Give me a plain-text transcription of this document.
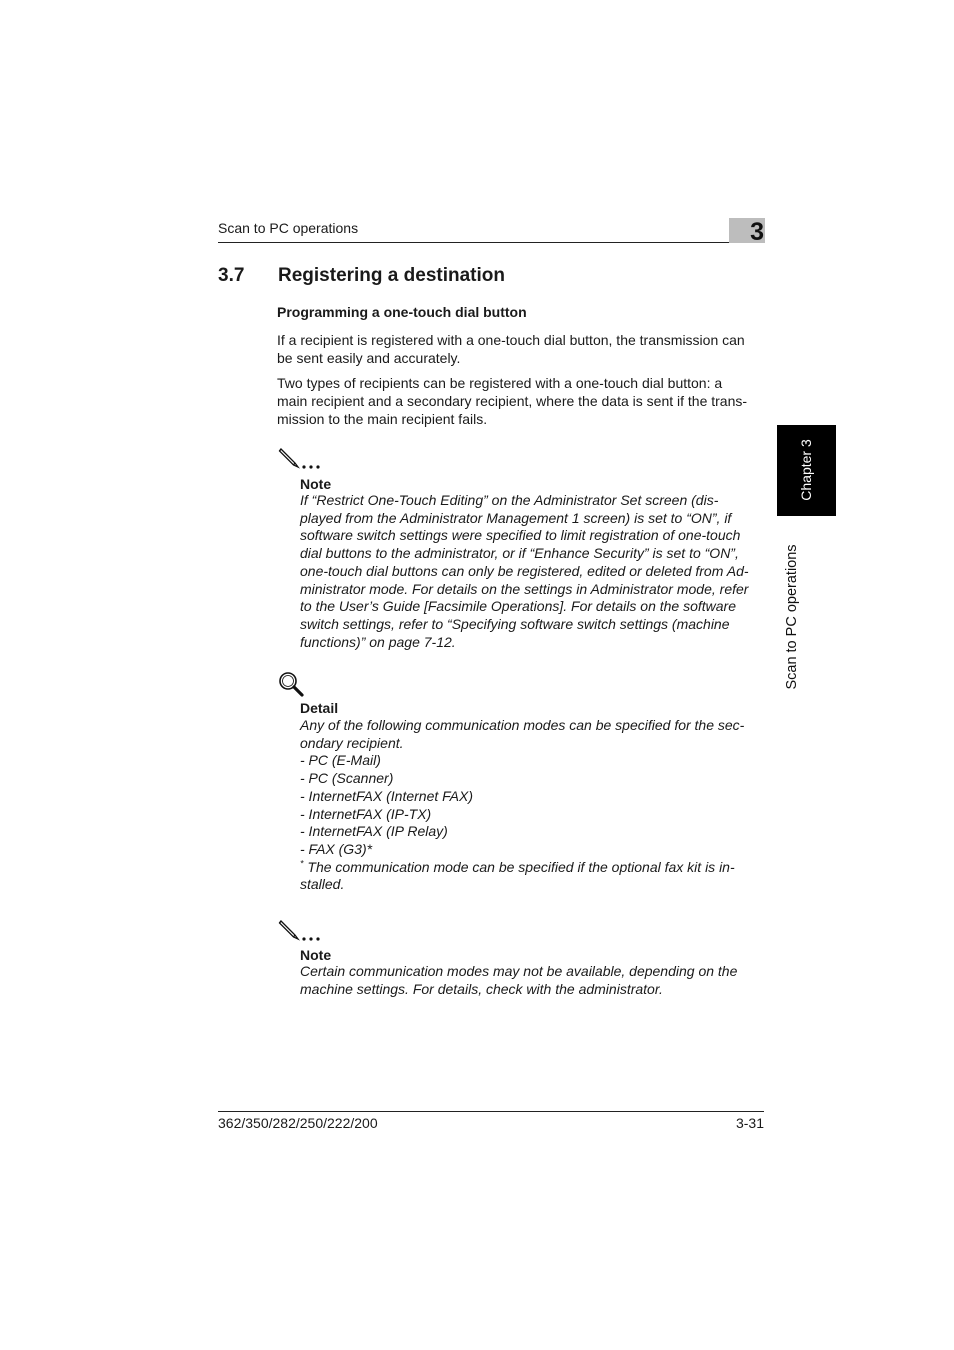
Scan to PC operations	3
Chapter 3
Scan to PC operations
3.7 Registering a destination
Programming a one-touch dial button
If a recipient is registered with a one-touch dial button, the transmission can
be sent easily and accurately.
Two types of recipients can be registered with a one-touch dial button: a
main recipient and a secondary recipient, where the data is sent if the trans-
mission to the main recipient fails.
Note
If “Restrict One-Touch Editing” on the Administrator Set screen (dis-
played from the Administrator Management 1 screen) is set to “ON”, if
software switch settings were specified to limit registration of one-touch
dial buttons to the administrator, or if “Enhance Security” is set to “ON”,
one-touch dial buttons can only be registered, edited or deleted from Ad-
ministrator mode. For details on the settings in Administrator mode, refer
to the User’s Guide [Facsimile Operations]. For details on the software
switch settings, refer to “Specifying software switch settings (machine
functions)” on page 7-12.
Detail
Any of the following communication modes can be specified for the sec-
ondary recipient.
- PC (E-Mail)
- PC (Scanner)
- InternetFAX (Internet FAX)
- InternetFAX (IP-TX)
- InternetFAX (IP Relay)
- FAX (G3)*
* The communication mode can be specified if the optional fax kit is in-
stalled.
Note
Certain communication modes may not be available, depending on the
machine settings. For details, check with the administrator.
362/350/282/250/222/200	3-31
